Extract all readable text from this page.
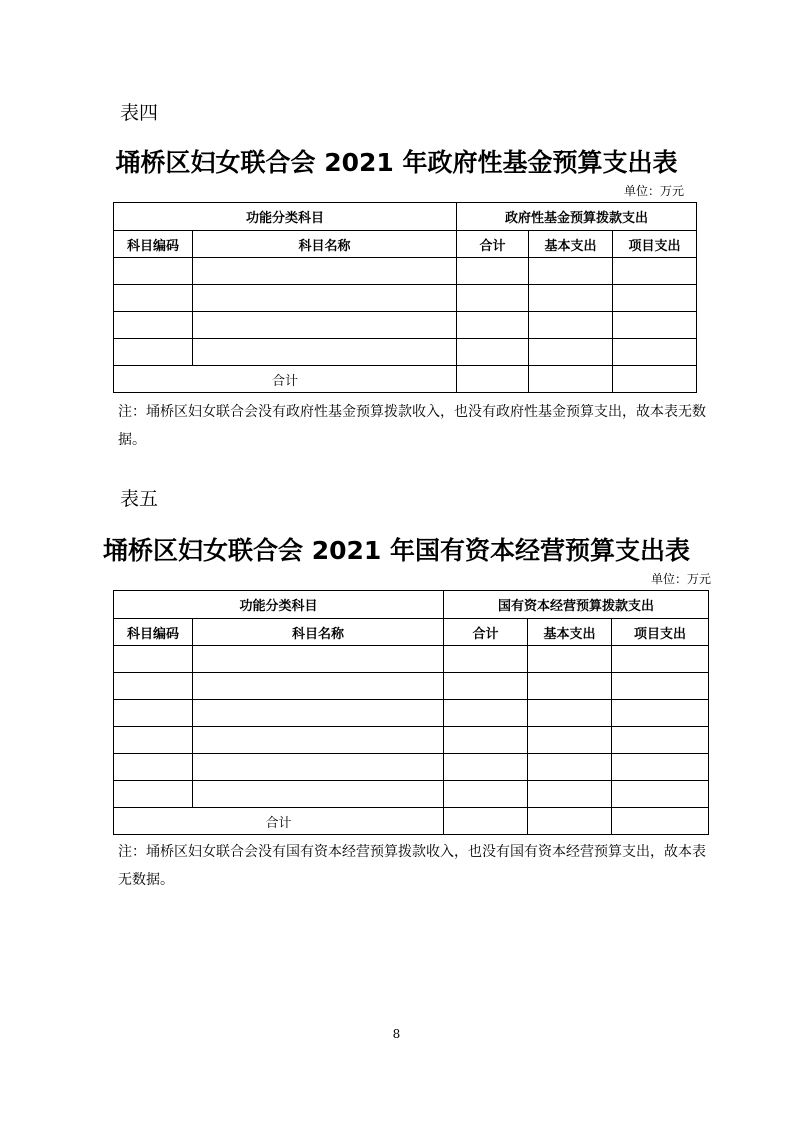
表四
埇桥区妇女联合会 2021 年政府性基金预算支出表
单位：万元
功能分类科目		政府性基金预算拨款支出		
科目编码	科目名称	合计	基本支出	项目支出

合计				
注：埇桥区妇女联合会没有政府性基金预算拨款收入，也没有政府性基金预算支出，故本表无数据。
表五
埇桥区妇女联合会 2021 年国有资本经营预算支出表
单位：万元
功能分类科目		国有资本经营预算拨款支出		
科目编码	科目名称	合计	基本支出	项目支出

合计				
注：埇桥区妇女联合会没有国有资本经营预算拨款收入，也没有国有资本经营预算支出，故本表无数据。
8
